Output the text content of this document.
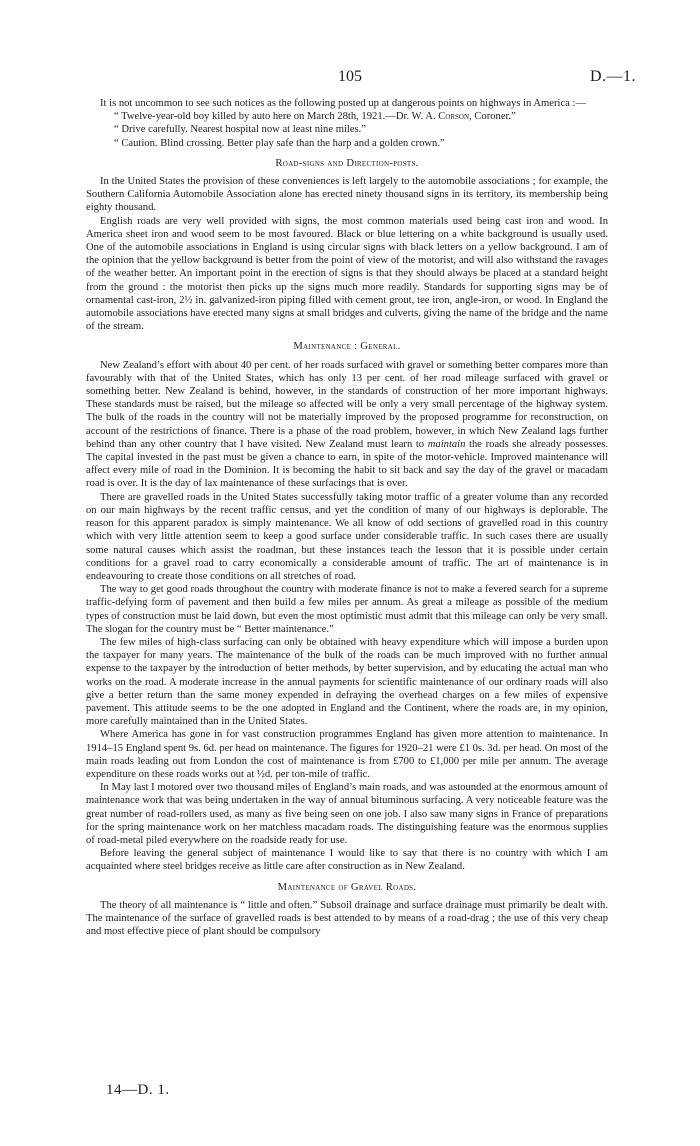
105	D.—1.

It is not uncommon to see such notices as the following posted up at dangerous points on highways in America :—

“ Twelve-year-old boy killed by auto here on March 28th, 1921.—Dr. W. A. Corson, Coroner.”

“ Drive carefully. Nearest hospital now at least nine miles.”

“ Caution. Blind crossing. Better play safe than the harp and a golden crown.”

Road-signs and Direction-posts.

In the United States the provision of these conveniences is left largely to the automobile associations ; for example, the Southern California Automobile Association alone has erected ninety thousand signs in its territory, its membership being eighty thousand.

English roads are very well provided with signs, the most common materials used being cast iron and wood. In America sheet iron and wood seem to be most favoured. Black or blue lettering on a white background is usually used. One of the automobile associations in England is using circular signs with black letters on a yellow background. I am of the opinion that the yellow background is better from the point of view of the motorist, and will also withstand the ravages of the weather better. An important point in the erection of signs is that they should always be placed at a standard height from the ground : the motorist then picks up the signs much more readily. Standards for supporting signs may be of ornamental cast-iron, 2½ in. galvanized-iron piping filled with cement grout, tee iron, angle-iron, or wood. In England the automobile associations have erected many signs at small bridges and culverts, giving the name of the bridge and the name of the stream.

Maintenance : General.

New Zealand’s effort with about 40 per cent. of her roads surfaced with gravel or something better compares more than favourably with that of the United States, which has only 13 per cent. of her road mileage surfaced with gravel or something better. New Zealand is behind, however, in the standards of construction of her more important highways. These standards must be raised, but the mileage so affected will be only a very small percentage of the highway system. The bulk of the roads in the country will not be materially improved by the proposed programme for reconstruction, on account of the restrictions of finance. There is a phase of the road problem, however, in which New Zealand lags further behind than any other country that I have visited. New Zealand must learn to maintain the roads she already possesses. The capital invested in the past must be given a chance to earn, in spite of the motor-vehicle. Improved maintenance will affect every mile of road in the Dominion. It is becoming the habit to sit back and say the day of the gravel or macadam road is over. It is the day of lax maintenance of these surfacings that is over.

There are gravelled roads in the United States successfully taking motor traffic of a greater volume than any recorded on our main highways by the recent traffic census, and yet the condition of many of our highways is deplorable. The reason for this apparent paradox is simply maintenance. We all know of odd sections of gravelled road in this country which with very little attention seem to keep a good surface under considerable traffic. In such cases there are usually some natural causes which assist the roadman, but these instances teach the lesson that it is possible under certain conditions for a gravel road to carry economically a considerable amount of traffic. The art of maintenance is in endeavouring to create those conditions on all stretches of road.

The way to get good roads throughout the country with moderate finance is not to make a fevered search for a supreme traffic-defying form of pavement and then build a few miles per annum. As great a mileage as possible of the medium types of construction must be laid down, but even the most optimistic must admit that this mileage can only be very small. The slogan for the country must be “ Better maintenance.”

The few miles of high-class surfacing can only be obtained with heavy expenditure which will impose a burden upon the taxpayer for many years. The maintenance of the bulk of the roads can be much improved with no further annual expense to the taxpayer by the introduction of better methods, by better supervision, and by educating the actual man who works on the road. A moderate increase in the annual payments for scientific maintenance of our ordinary roads will also give a better return than the same money expended in defraying the overhead charges on a few miles of expensive pavement. This attitude seems to be the one adopted in England and the Continent, where the roads are, in my opinion, more carefully maintained than in the United States.

Where America has gone in for vast construction programmes England has given more attention to maintenance. In 1914–15 England spent 9s. 6d. per head on maintenance. The figures for 1920–21 were £1 0s. 3d. per head. On most of the main roads leading out from London the cost of maintenance is from £700 to £1,000 per mile per annum. The average expenditure on these roads works out at ½d. per ton-mile of traffic.

In May last I motored over two thousand miles of England’s main roads, and was astounded at the enormous amount of maintenance work that was being undertaken in the way of annual bituminous surfacing. A very noticeable feature was the great number of road-rollers used, as many as five being seen on one job. I also saw many signs in France of preparations for the spring maintenance work on her matchless macadam roads. The distinguishing feature was the enormous supplies of road-metal piled everywhere on the roadside ready for use.

Before leaving the general subject of maintenance I would like to say that there is no country with which I am acquainted where steel bridges receive as little care after construction as in New Zealand.

Maintenance of Gravel Roads.

The theory of all maintenance is “ little and often.” Subsoil drainage and surface drainage must primarily be dealt with. The maintenance of the surface of gravelled roads is best attended to by means of a road-drag ; the use of this very cheap and most effective piece of plant should be compulsory

14—D. 1.
